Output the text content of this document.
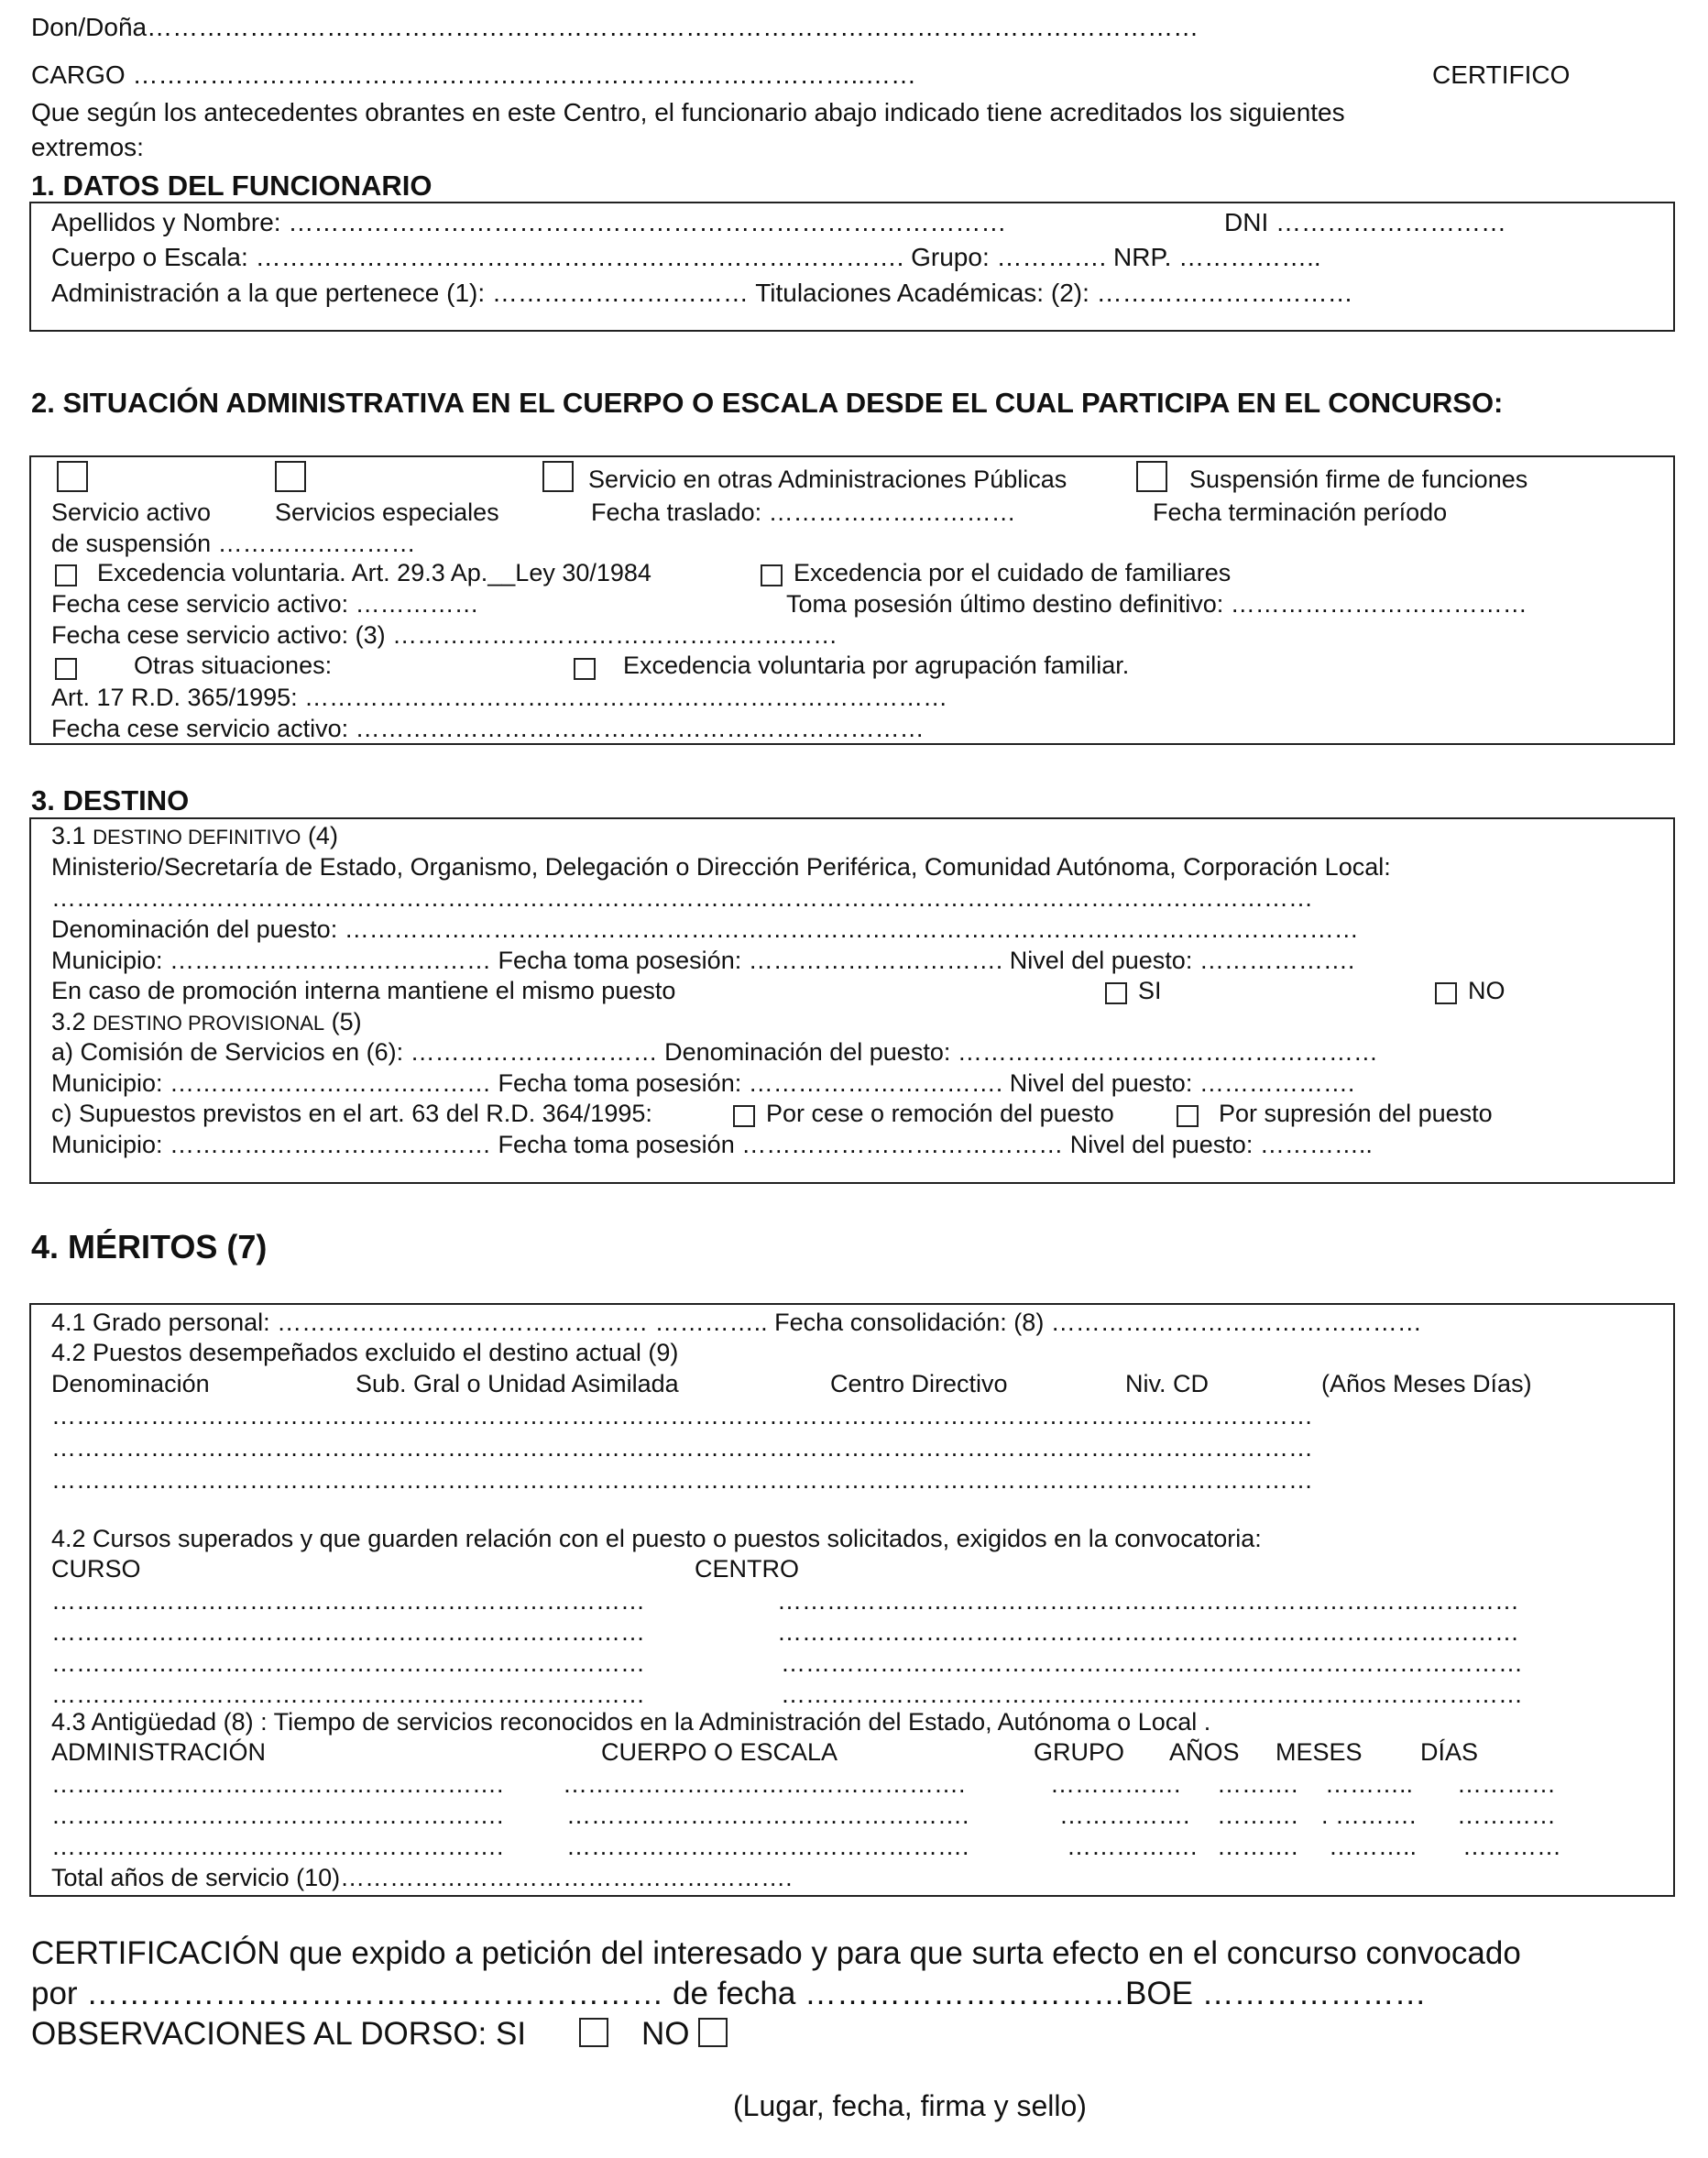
Don/Doña……………………………………………………………………………………………………………
CARGO …………………………………………………………………………..……	CERTIFICO
Que según los antecedentes obrantes en este Centro, el funcionario abajo indicado tiene acreditados los siguientes
extremos:
1. DATOS DEL FUNCIONARIO
Apellidos y Nombre: …………………………………………………………………………	DNI ………………………
Cuerpo o Escala: …………………………………………………………………. Grupo: …………. NRP. ……………..
Administración a la que pertenece (1): ………………………… Titulaciones Académicas: (2): …………………………
2. SITUACIÓN ADMINISTRATIVA EN EL CUERPO O ESCALA DESDE EL CUAL PARTICIPA EN EL CONCURSO:
Servicio en otras Administraciones Públicas	Suspensión firme de funciones
Servicio activo	Servicios especiales	Fecha traslado: …………………………	Fecha terminación período
de suspensión ……………………
Excedencia voluntaria. Art. 29.3 Ap.__Ley 30/1984	Excedencia por el cuidado de familiares
Fecha cese servicio activo: ……………	Toma posesión último destino definitivo: ………………………………
Fecha cese servicio activo: (3) ………………………………………………
Otras situaciones:	Excedencia voluntaria por agrupación familiar.
Art. 17 R.D. 365/1995: ……………………………………………………………………
Fecha cese servicio activo: ……………………………………………………………
3. DESTINO
3.1 DESTINO DEFINITIVO (4)
Ministerio/Secretaría de Estado, Organismo, Delegación o Dirección Periférica, Comunidad Autónoma, Corporación Local:
………………………………………………………………………………………………………………………………………
Denominación del puesto: ……………………………………………………………………………………………………………
Municipio: ………………………………… Fecha toma posesión: …………………………. Nivel del puesto: ……………….
En caso de promoción interna mantiene el mismo puesto	SI	NO
3.2 DESTINO PROVISIONAL (5)
a) Comisión de Servicios en (6): ………………………… Denominación del puesto: ……………………………………………
Municipio: ………………………………… Fecha toma posesión: …………………………. Nivel del puesto: ……………….
c) Supuestos previstos en el art. 63 del R.D. 364/1995:	Por cese o remoción del puesto	Por supresión del puesto
Municipio: ………………………………… Fecha toma posesión ………………………………… Nivel del puesto: …………..
4. MÉRITOS (7)
4.1 Grado personal: ……………………………………… ………….. Fecha consolidación: (8) ………………………………………
4.2 Puestos desempeñados excluido el destino actual (9)
Denominación	Sub. Gral o Unidad Asimilada	Centro Directivo	Niv. CD	(Años Meses Días)
………………………………………………………………………………………………………………………………………
………………………………………………………………………………………………………………………………………
………………………………………………………………………………………………………………………………………
4.2 Cursos superados y que guarden relación con el puesto o puestos solicitados, exigidos en la convocatoria:
CURSO	CENTRO
………………………………………………………………	………………………………………………………………………………
………………………………………………………………	………………………………………………………………………………
………………………………………………………………	………………………………………………………………………………
………………………………………………………………	………………………………………………………………………………
4.3 Antigüedad (8) : Tiempo de servicios reconocidos en la Administración del Estado, Autónoma o Local .
ADMINISTRACIÓN	CUERPO O ESCALA	GRUPO AÑOS MESES DÍAS
………………………………………………. ………………………………………….	……………. ………. ……….. …………
……………………………………………….	………………………………………….	……………. ………. . ………. …………
……………………………………………….	………………………………………….	……………. ………. ……….. …………
Total años de servicio (10)……………………………………………….
CERTIFICACIÓN que expido a petición del interesado y para que surta efecto en el concurso convocado
por ……………………………………………… de fecha …………………………BOE …………………
OBSERVACIONES AL DORSO: SI	NO
(Lugar, fecha, firma y sello)
